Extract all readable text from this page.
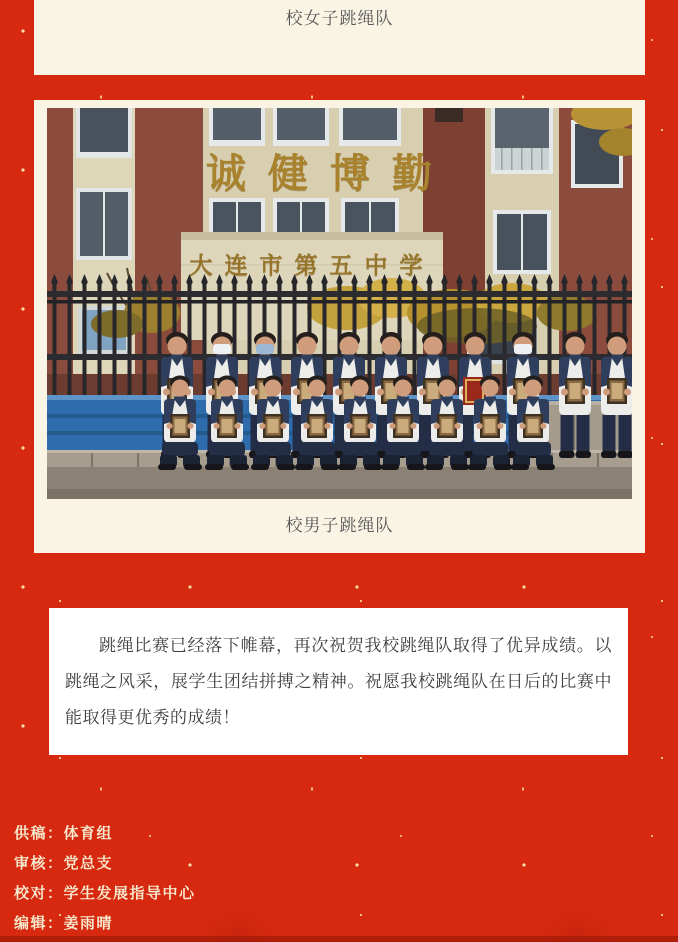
校女子跳绳队
诚健博勤
大连市第五中学
校男子跳绳队

跳绳比赛已经落下帷幕，再次祝贺我校跳绳队取得了优异成绩。以跳绳之风采，展学生团结拼搏之精神。祝愿我校跳绳队在日后的比赛中能取得更优秀的成绩！

供稿：体育组

审核：党总支

校对：学生发展指导中心

编辑：姜雨晴
